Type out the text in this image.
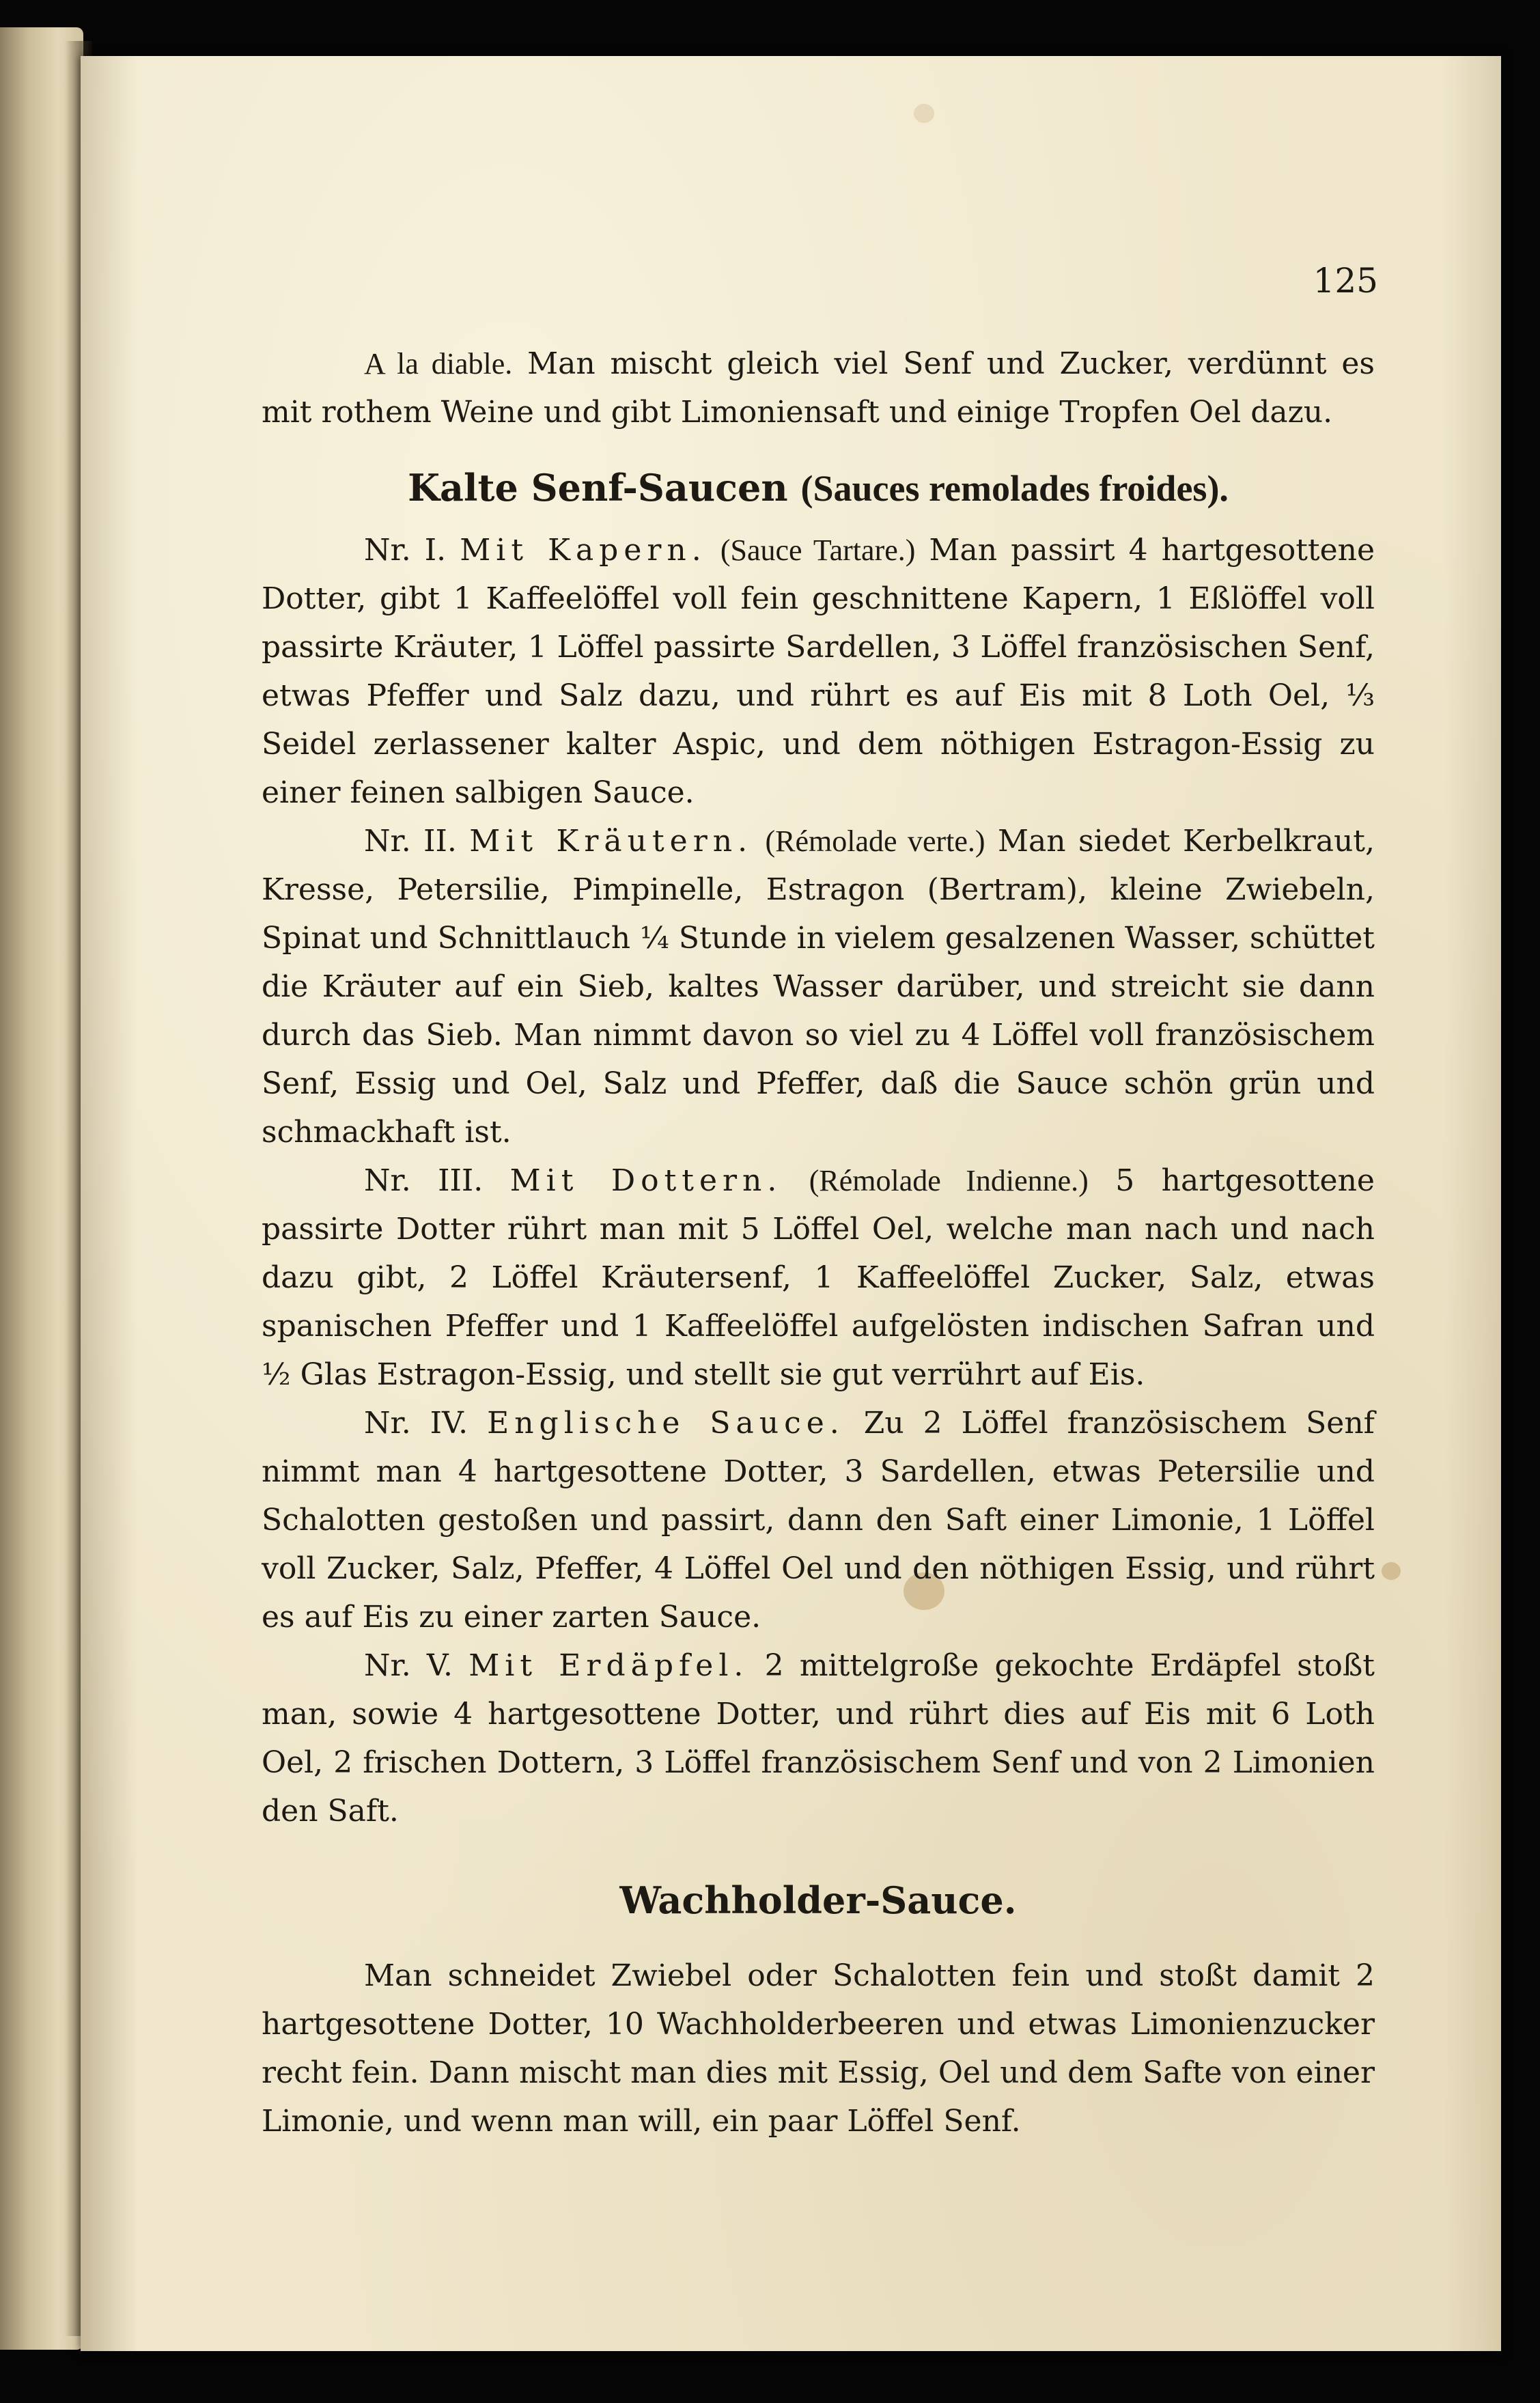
125

A la diable. Man mischt gleich viel Senf und Zucker, verdünnt es mit rothem Weine und gibt Limoniensaft und einige Tropfen Oel dazu.

Kalte Senf-Saucen (Sauces remolades froides).

Nr. I. Mit Kapern. (Sauce Tartare.) Man passirt 4 hartgesottene Dotter, gibt 1 Kaffeelöffel voll fein geschnittene Kapern, 1 Eßlöffel voll passirte Kräuter, 1 Löffel passirte Sardellen, 3 Löffel französischen Senf, etwas Pfeffer und Salz dazu, und rührt es auf Eis mit 8 Loth Oel, ⅓ Seidel zerlassener kalter Aspic, und dem nöthigen Estragon-Essig zu einer feinen salbigen Sauce.

Nr. II. Mit Kräutern. (Rémolade verte.) Man siedet Kerbelkraut, Kresse, Petersilie, Pimpinelle, Estragon (Bertram), kleine Zwiebeln, Spinat und Schnittlauch ¼ Stunde in vielem gesalzenen Wasser, schüttet die Kräuter auf ein Sieb, kaltes Wasser darüber, und streicht sie dann durch das Sieb. Man nimmt davon so viel zu 4 Löffel voll französischem Senf, Essig und Oel, Salz und Pfeffer, daß die Sauce schön grün und schmackhaft ist.

Nr. III. Mit Dottern. (Rémolade Indienne.) 5 hartgesottene passirte Dotter rührt man mit 5 Löffel Oel, welche man nach und nach dazu gibt, 2 Löffel Kräutersenf, 1 Kaffeelöffel Zucker, Salz, etwas spanischen Pfeffer und 1 Kaffeelöffel aufgelösten indischen Safran und ½ Glas Estragon-Essig, und stellt sie gut verrührt auf Eis.

Nr. IV. Englische Sauce. Zu 2 Löffel französischem Senf nimmt man 4 hartgesottene Dotter, 3 Sardellen, etwas Petersilie und Schalotten gestoßen und passirt, dann den Saft einer Limonie, 1 Löffel voll Zucker, Salz, Pfeffer, 4 Löffel Oel und den nöthigen Essig, und rührt es auf Eis zu einer zarten Sauce.

Nr. V. Mit Erdäpfel. 2 mittelgroße gekochte Erdäpfel stoßt man, sowie 4 hartgesottene Dotter, und rührt dies auf Eis mit 6 Loth Oel, 2 frischen Dottern, 3 Löffel französischem Senf und von 2 Limonien den Saft.

Wachholder-Sauce.

Man schneidet Zwiebel oder Schalotten fein und stoßt damit 2 hartgesottene Dotter, 10 Wachholderbeeren und etwas Limonienzucker recht fein. Dann mischt man dies mit Essig, Oel und dem Safte von einer Limonie, und wenn man will, ein paar Löffel Senf.
